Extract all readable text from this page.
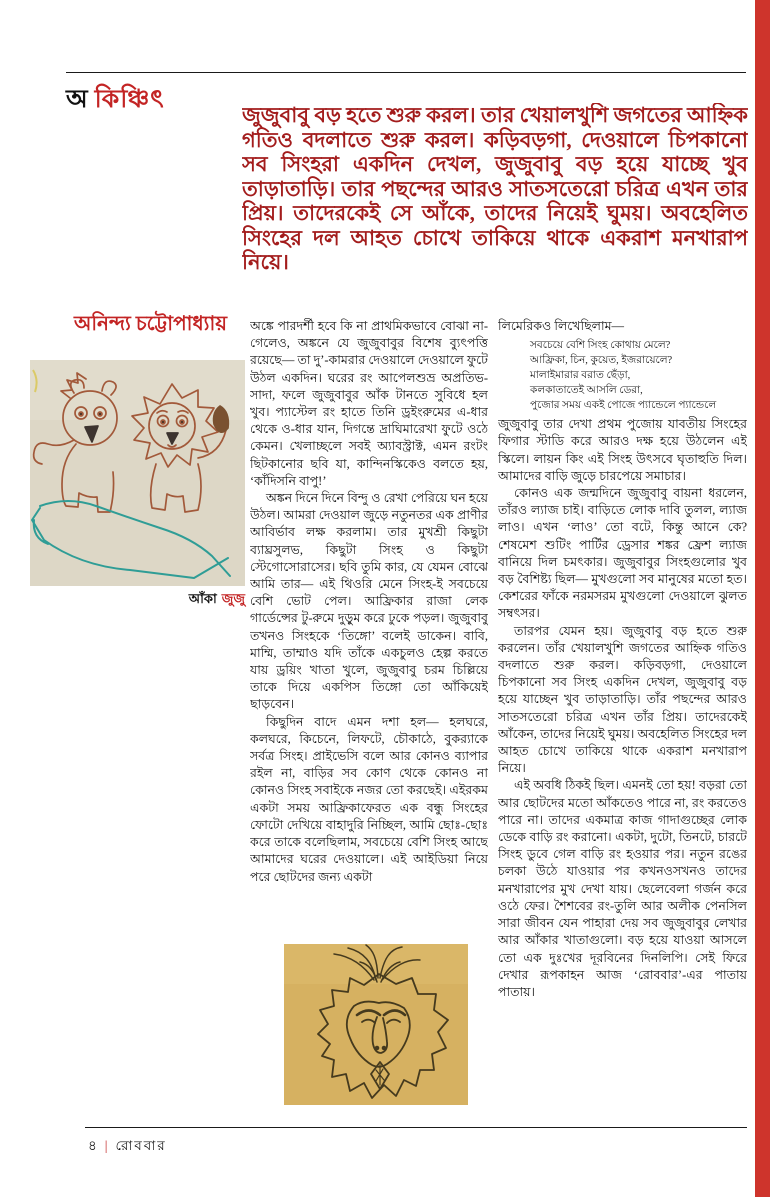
অ কিঞ্চিৎ
জুজুবাবু বড় হতে শুরু করল। তার খেয়ালখুশি জগতের আহ্নিক গতিও বদলাতে শুরু করল। কড়িবড়গা, দেওয়ালে চিপকানো সব সিংহরা একদিন দেখল, জুজুবাবু বড় হয়ে যাচ্ছে খুব তাড়াতাড়ি। তার পছন্দের আরও সাতসতেরো চরিত্র এখন তার প্রিয়। তাদেরকেই সে আঁকে, তাদের নিয়েই ঘুময়। অবহেলিত সিংহের দল আহত চোখে তাকিয়ে থাকে একরাশ মনখারাপ নিয়ে।
অনিন্দ্য চট্টোপাধ্যায়
আঁকা জুজু

অঙ্কে পারদর্শী হবে কি না প্রাথমিকভাবে বোঝা না-গেলেও, অঙ্কনে যে জুজুবাবুর বিশেষ ব্যুৎপত্তি রয়েছে— তা দু’-কামরার দেওয়ালে দেওয়ালে ফুটে উঠল একদিন। ঘরের রং আপেলশুভ্র অপ্রতিভ-সাদা, ফলে জুজুবাবুর আঁক টানতে সুবিধে হল খুব। প্যাস্টেল রং হাতে তিনি ড্রইংরুমের এ-ধার থেকে ও-ধার যান, দিগন্তে দ্রাঘিমারেখা ফুটে ওঠে কেমন। খেলাচ্ছলে সবই অ্যাবস্ট্রাক্ট, এমন রংটং ছিটকানোর ছবি যা, কান্দিনস্কিকেও বলতে হয়, ‘কাঁদিসনি বাপু!’

অঙ্কন দিনে দিনে বিন্দু ও রেখা পেরিয়ে ঘন হয়ে উঠল। আমরা দেওয়াল জুড়ে নতুনতর এক প্রাণীর আবির্ভাব লক্ষ করলাম। তার মুখশ্রী কিছুটা ব্যাঘ্রসুলভ, কিছুটা সিংহ ও কিছুটা স্টেগোসোরাসের। ছবি তুমি কার, যে যেমন বোঝে আমি তার— এই থিওরি মেনে সিংহ-ই সবচেয়ে বেশি ভোট পেল। আফ্রিকার রাজা লেক গার্ডেন্সের টু-রুমে দুড়ুম করে ঢুকে পড়ল। জুজুবাবু তখনও সিংহকে ‘তিঙ্গো’ বলেই ডাকেন। বাবি, মাম্মি, তাম্মাও যদি তাঁকে একচুলও হেল্প করতে যায় ড্রয়িং খাতা খুলে, জুজুবাবু চরম চিল্লিয়ে তাকে দিয়ে একপিস তিঙ্গো তো আঁকিয়েই ছাড়বেন।

কিছুদিন বাদে এমন দশা হল— হলঘরে, কলঘরে, কিচেনে, লিফটে, চৌকাঠে, বুকর‍্যাকে সর্বত্র সিংহ। প্রাইভেসি বলে আর কোনও ব্যাপার রইল না, বাড়ির সব কোণ থেকে কোনও না কোনও সিংহ সবাইকে নজর তো করছেই। এইরকম একটা সময় আফ্রিকাফেরত এক বন্ধু সিংহের ফোটো দেখিয়ে বাহাদুরি নিচ্ছিল, আমি ছোঃ-ছোঃ করে তাকে বলেছিলাম, সবচেয়ে বেশি সিংহ আছে আমাদের ঘরের দেওয়ালে। এই আইডিয়া নিয়ে পরে ছোটদের জন্য একটা

লিমেরিকও লিখেছিলাম—

সবচেয়ে বেশি সিংহ কোথায় মেলে?
আফ্রিকা, চিন, কুয়েত, ইজরায়েলে?
মালাইমারার বরাত ছেঁড়া,
কলকাতাতেই আসলি ডেরা,
পুজোর সময় একই পোজে প্যান্ডেলে প্যান্ডেলে

জুজুবাবু তার দেখা প্রথম পুজোয় যাবতীয় সিংহের ফিগার স্টাডি করে আরও দক্ষ হয়ে উঠলেন এই স্কিলে। লায়ন কিং এই সিংহ উৎসবে ঘৃতাহুতি দিল। আমাদের বাড়ি জুড়ে চারপেয়ে সমাচার।

কোনও এক জন্মদিনে জুজুবাবু বায়না ধরলেন, তাঁরও ল্যাজ চাই। বাড়িতে লোক দাবি তুলল, ল্যাজ লাও। এখন ‘লাও’ তো বটে, কিন্তু আনে কে? শেষমেশ শুটিং পার্টির ড্রেসার শঙ্কর ফ্রেশ ল্যাজ বানিয়ে দিল চমৎকার। জুজুবাবুর সিংহগুলোর খুব বড় বৈশিষ্ট্য ছিল— মুখগুলো সব মানুষের মতো হত। কেশরের ফাঁকে নরমসরম মুখগুলো দেওয়ালে ঝুলত সম্বৎসর।

তারপর যেমন হয়। জুজুবাবু বড় হতে শুরু করলেন। তাঁর খেয়ালখুশি জগতের আহ্নিক গতিও বদলাতে শুরু করল। কড়িবড়গা, দেওয়ালে চিপকানো সব সিংহ একদিন দেখল, জুজুবাবু বড় হয়ে যাচ্ছেন খুব তাড়াতাড়ি। তাঁর পছন্দের আরও সাতসতেরো চরিত্র এখন তাঁর প্রিয়। তাদেরকেই আঁকেন, তাদের নিয়েই ঘুময়। অবহেলিত সিংহের দল আহত চোখে তাকিয়ে থাকে একরাশ মনখারাপ নিয়ে।

এই অবধি ঠিকই ছিল। এমনই তো হয়! বড়রা তো আর ছোটদের মতো আঁকতেও পারে না, রং করতেও পারে না। তাদের একমাত্র কাজ গাদাগুচ্ছের লোক ডেকে বাড়ি রং করানো। একটা, দুটো, তিনটে, চারটে সিংহ ডুবে গেল বাড়ি রং হওয়ার পর। নতুন রঙের চলকা উঠে যাওয়ার পর কখনওসখনও তাদের মনখারাপের মুখ দেখা যায়। ছেলেবেলা গর্জন করে ওঠে ফের। শৈশবের রং-তুলি আর অলীক পেনসিল সারা জীবন যেন পাহারা দেয় সব জুজুবাবুর লেখার আর আঁকার খাতাগুলো। বড় হয়ে যাওয়া আসলে তো এক দুঃখের দূরবিনের দিনলিপি। সেই ফিরে দেখার রূপকাহন আজ ‘রোববার’-এর পাতায় পাতায়।

৪ | রোববার
